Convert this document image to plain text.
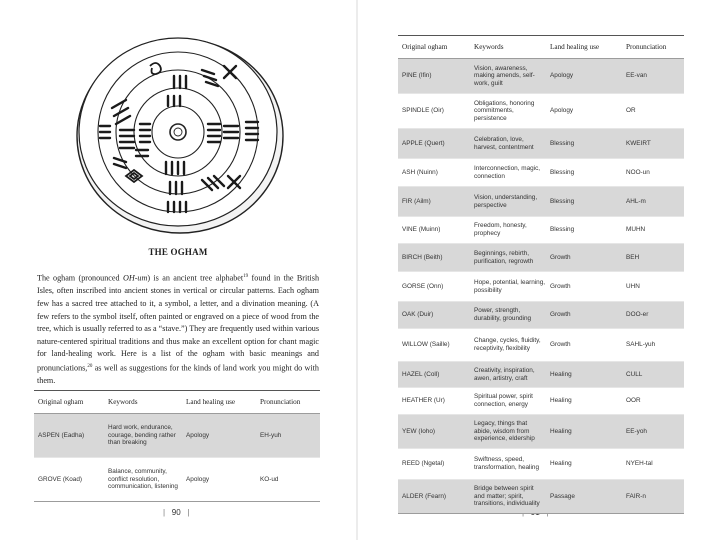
THE OGHAM

The ogham (pronounced OH-um) is an ancient tree alphabet$^{19}$ found in the British Isles, often inscribed into ancient stones in vertical or circular patterns. Each ogham few has a sacred tree attached to it, a symbol, a letter, and a divination meaning. (A few refers to the symbol itself, often painted or engraved on a piece of wood from the tree, which is usually referred to as a “stave.”) They are frequently used within various nature-centered spiritual traditions and thus make an excellent option for chant magic for land-healing work. Here is a list of the ogham with basic meanings and pronunciations,$^{20}$ as well as suggestions for the kinds of land work you might do with them.

Original ogham	Keywords	Land healing use	Pronunciation
ASPEN (Eadha)	Hard work, endurance, courage, bending rather than breaking	Apology	EH-yuh
GROVE (Koad)	Balance, community, conflict resolution, communication, listening	Apology	KO-ud
| 90 |

Original ogham	Keywords	Land healing use	Pronunciation
PINE (Ifin)	Vision, awareness, making amends, self-work, guilt	Apology	EE-van
SPINDLE (Oir)	Obligations, honoring commitments, persistence	Apology	OR
APPLE (Quert)	Celebration, love, harvest, contentment	Blessing	KWEIRT
ASH (Nuinn)	Interconnection, magic, connection	Blessing	NOO-un
FIR (Ailm)	Vision, understanding, perspective	Blessing	AHL-m
VINE (Muinn)	Freedom, honesty, prophecy	Blessing	MUHN
BIRCH (Beith)	Beginnings, rebirth, purification, regrowth	Growth	BEH
GORSE (Onn)	Hope, potential, learning, possibility	Growth	UHN
OAK (Duir)	Power, strength, durability, grounding	Growth	DOO-er
WILLOW (Saille)	Change, cycles, fluidity, receptivity, flexibility	Growth	SAHL-yuh
HAZEL (Coll)	Creativity, inspiration, awen, artistry, craft	Healing	CULL
HEATHER (Ur)	Spiritual power, spirit connection, energy	Healing	OOR
YEW (Ioho)	Legacy, things that abide, wisdom from experience, eldership	Healing	EE-yoh
REED (Ngetal)	Swiftness, speed, transformation, healing	Healing	NYEH-tal
ALDER (Fearn)	Bridge between spirit and matter; spirit, transitions, individuality	Passage	FAIR-n
